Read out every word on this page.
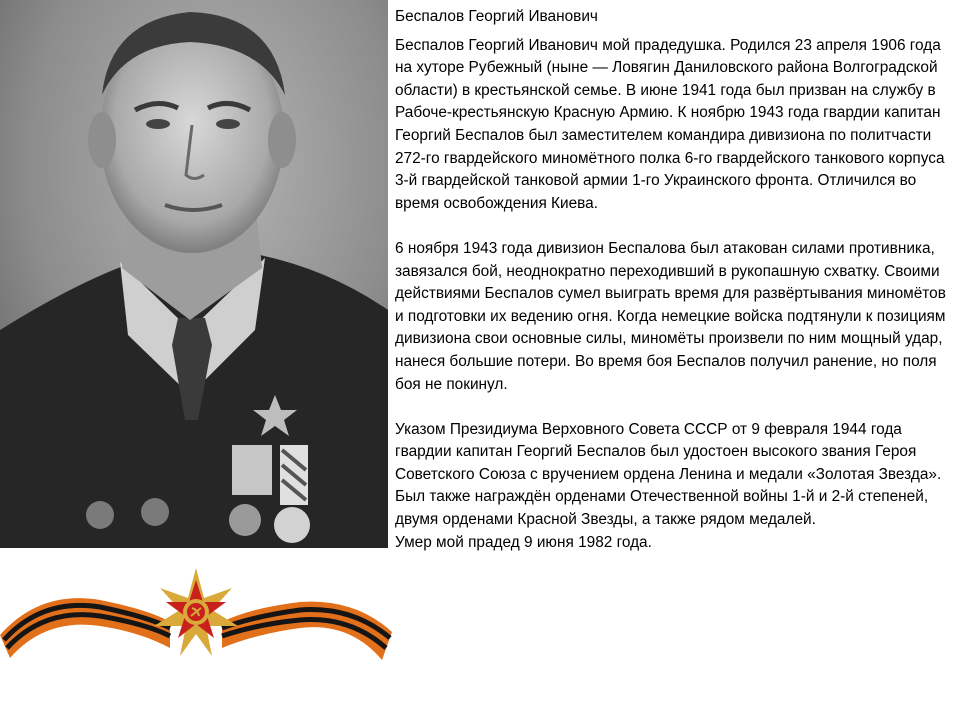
Беспалов Георгий Иванович

Беспалов Георгий Иванович мой прадедушка. Родился 23 апреля 1906 года на хуторе Рубежный (ныне — Ловягин Даниловского района Волгоградской области) в крестьянской семье. В июне 1941 года был призван на службу в Рабоче-крестьянскую Красную Армию. К ноябрю 1943 года гвардии капитан Георгий Беспалов был заместителем командира дивизиона по политчасти 272-го гвардейского миномётного полка 6-го гвардейского танкового корпуса 3-й гвардейской танковой армии 1-го Украинского фронта. Отличился во время освобождения Киева.

6 ноября 1943 года дивизион Беспалова был атакован силами противника, завязался бой, неоднократно переходивший в рукопашную схватку. Своими действиями Беспалов сумел выиграть время для развёртывания миномётов и подготовки их ведению огня. Когда немецкие войска подтянули к позициям дивизиона свои основные силы, миномёты произвели по ним мощный удар, нанеся большие потери. Во время боя Беспалов получил ранение, но поля боя не покинул.

Указом Президиума Верховного Совета СССР от 9 февраля 1944 года гвардии капитан Георгий Беспалов был удостоен высокого звания Героя Советского Союза с вручением ордена Ленина и медали «Золотая Звезда». Был также награждён орденами Отечественной войны 1-й и 2-й степеней, двумя орденами Красной Звезды, а также рядом медалей.

Умер мой прадед 9 июня 1982 года.
